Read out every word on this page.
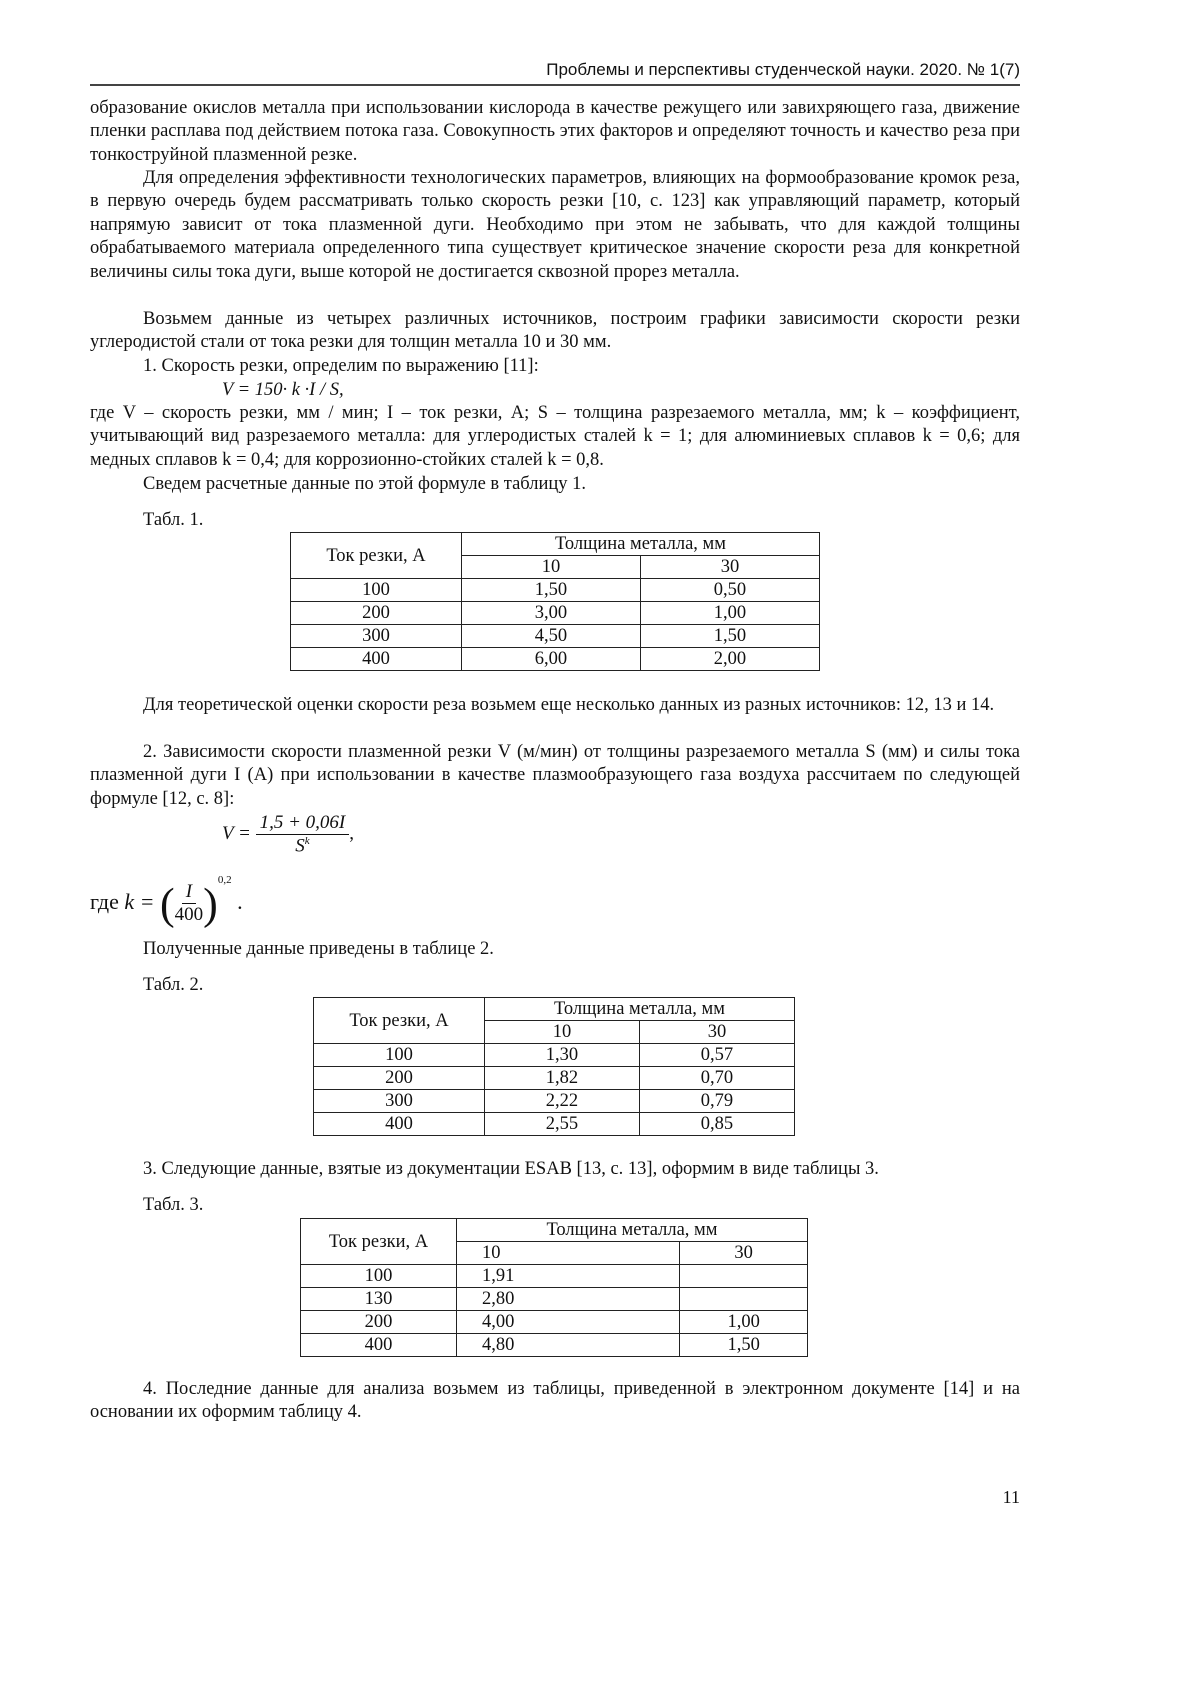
Проблемы и перспективы студенческой науки. 2020. № 1(7)
образование окислов металла при использовании кислорода в качестве режущего или завихряющего газа, движение пленки расплава под действием потока газа. Совокупность этих факторов и определяют точность и качество реза при тонкоструйной плазменной резке.
Для определения эффективности технологических параметров, влияющих на формообразование кромок реза, в первую очередь будем рассматривать только скорость резки [10, с. 123] как управляющий параметр, который напрямую зависит от тока плазменной дуги. Необходимо при этом не забывать, что для каждой толщины обрабатываемого материала определенного типа существует критическое значение скорости реза для конкретной величины силы тока дуги, выше которой не достигается сквозной прорез металла.
Возьмем данные из четырех различных источников, построим графики зависимости скорости резки углеродистой стали от тока резки для толщин металла 10 и 30 мм.
1. Скорость резки, определим по выражению [11]:
V = 150· k ·I / S,
где V – скорость резки, мм / мин; I – ток резки, А; S – толщина разрезаемого металла, мм; k – коэффициент, учитывающий вид разрезаемого металла: для углеродистых сталей k = 1; для алюминиевых сплавов k = 0,6; для медных сплавов k = 0,4; для коррозионно-стойких сталей k = 0,8.
Сведем расчетные данные по этой формуле в таблицу 1.
Табл. 1.
Ток резки, А	Толщина металла, мм	
	10	30
100	1,50	0,50
200	3,00	1,00
300	4,50	1,50
400	6,00	2,00
Для теоретической оценки скорости реза возьмем еще несколько данных из разных источников: 12, 13 и 14.
2. Зависимости скорости плазменной резки V (м/мин) от толщины разрезаемого металла S (мм) и силы тока плазменной дуги I (А) при использовании в качестве плазмообразующего газа воздуха рассчитаем по следующей формуле [12, с. 8]:
$V = \frac{1,5 + 0,06I}{S^k}$ ,
где k = ( $\frac{I}{400} )^{0,2}$ .
Полученные данные приведены в таблице 2.
Табл. 2.
Ток резки, А	Толщина металла, мм	
	10	30
100	1,30	0,57
200	1,82	0,70
300	2,22	0,79
400	2,55	0,85
3. Следующие данные, взятые из документации ESAB [13, с. 13], оформим в виде таблицы 3.
Табл. 3.
Ток резки, А	Толщина металла, мм	
	10	30
100	1,91	
130	2,80	
200	4,00	1,00
400	4,80	1,50
4. Последние данные для анализа возьмем из таблицы, приведенной в электронном документе [14] и на основании их оформим таблицу 4.
11
